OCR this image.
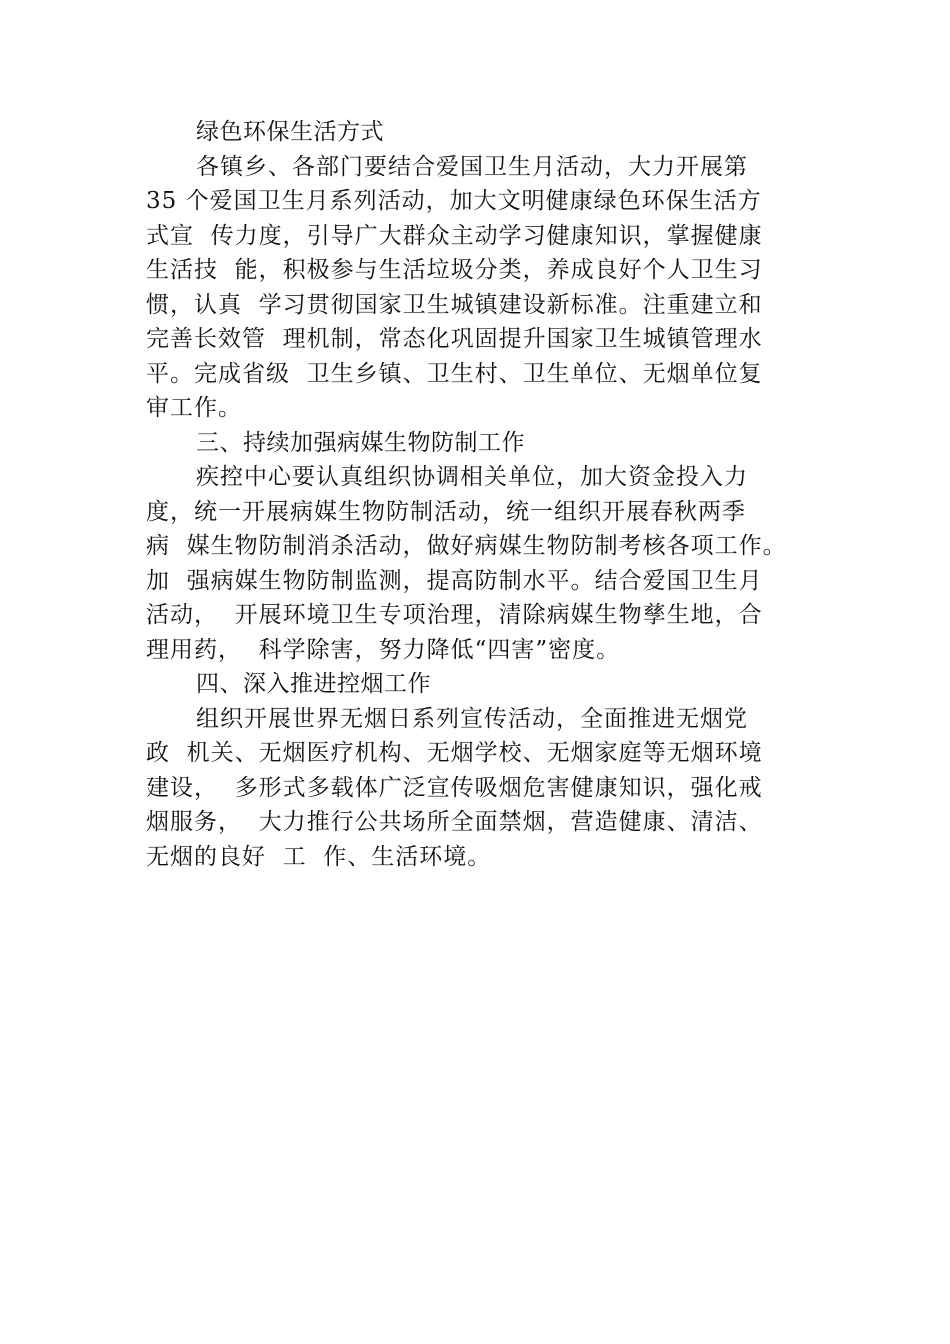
绿色环保生活方式
各镇乡、各部门要结合爱国卫生月活动，大力开展第
35 个爱国卫生月系列活动，加大文明健康绿色环保生活方
式宣  传力度，引导广大群众主动学习健康知识，掌握健康
生活技  能，积极参与生活垃圾分类，养成良好个人卫生习
惯，认真  学习贯彻国家卫生城镇建设新标准。注重建立和
完善长效管  理机制，常态化巩固提升国家卫生城镇管理水
平。完成省级  卫生乡镇、卫生村、卫生单位、无烟单位复
审工作。
三、持续加强病媒生物防制工作
疾控中心要认真组织协调相关单位，加大资金投入力
度，统一开展病媒生物防制活动，统一组织开展春秋两季
病  媒生物防制消杀活动，做好病媒生物防制考核各项工作。
加  强病媒生物防制监测，提高防制水平。结合爱国卫生月
活动，  开展环境卫生专项治理，清除病媒生物孳生地，合
理用药，  科学除害，努力降低“四害”密度。
四、深入推进控烟工作
组织开展世界无烟日系列宣传活动，全面推进无烟党
政  机关、无烟医疗机构、无烟学校、无烟家庭等无烟环境
建设，  多形式多载体广泛宣传吸烟危害健康知识，强化戒
烟服务，  大力推行公共场所全面禁烟，营造健康、清洁、
无烟的良好  工  作、生活环境。
